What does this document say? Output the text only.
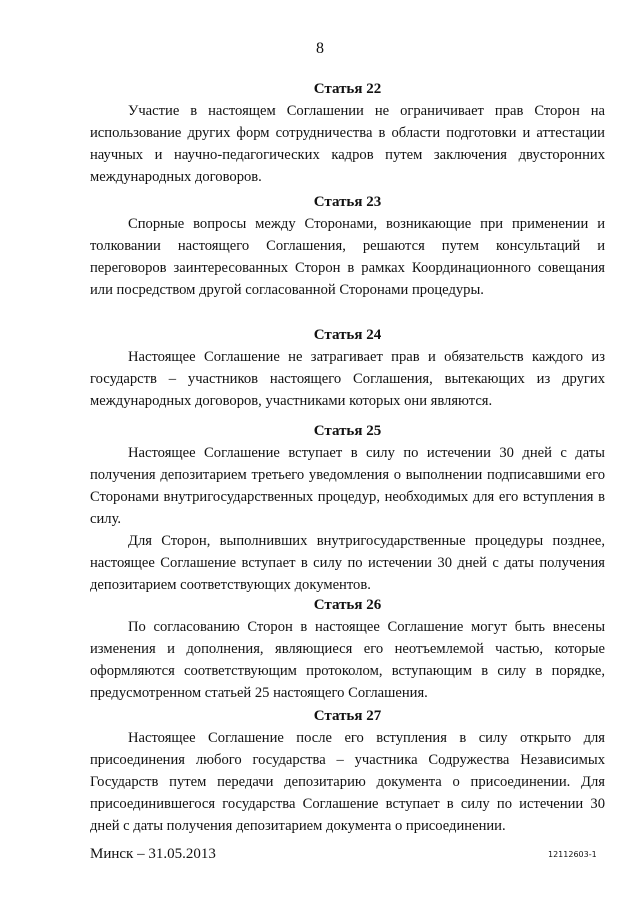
8

Статья 22

Участие в настоящем Соглашении не ограничивает прав Сторон на использование других форм сотрудничества в области подготовки и аттестации научных и научно-педагогических кадров путем заключения двусторонних международных договоров.

Статья 23

Спорные вопросы между Сторонами, возникающие при применении и толковании настоящего Соглашения, решаются путем консультаций и переговоров заинтересованных Сторон в рамках Координационного совещания или посредством другой согласованной Сторонами процедуры.

Статья 24

Настоящее Соглашение не затрагивает прав и обязательств каждого из государств – участников настоящего Соглашения, вытекающих из других международных договоров, участниками которых они являются.

Статья 25

Настоящее Соглашение вступает в силу по истечении 30 дней с даты получения депозитарием третьего уведомления о выполнении подписавшими его Сторонами внутригосударственных процедур, необходимых для его вступления в силу.

Для Сторон, выполнивших внутригосударственные процедуры позднее, настоящее Соглашение вступает в силу по истечении 30 дней с даты получения депозитарием соответствующих документов.

Статья 26

По согласованию Сторон в настоящее Соглашение могут быть внесены изменения и дополнения, являющиеся его неотъемлемой частью, которые оформляются соответствующим протоколом, вступающим в силу в порядке, предусмотренном статьей 25 настоящего Соглашения.

Статья 27

Настоящее Соглашение после его вступления в силу открыто для присоединения любого государства – участника Содружества Независимых Государств путем передачи депозитарию документа о присоединении. Для присоединившегося государства Соглашение вступает в силу по истечении 30 дней с даты получения депозитарием документа о присоединении.

Минск – 31.05.2013	12112603-1
